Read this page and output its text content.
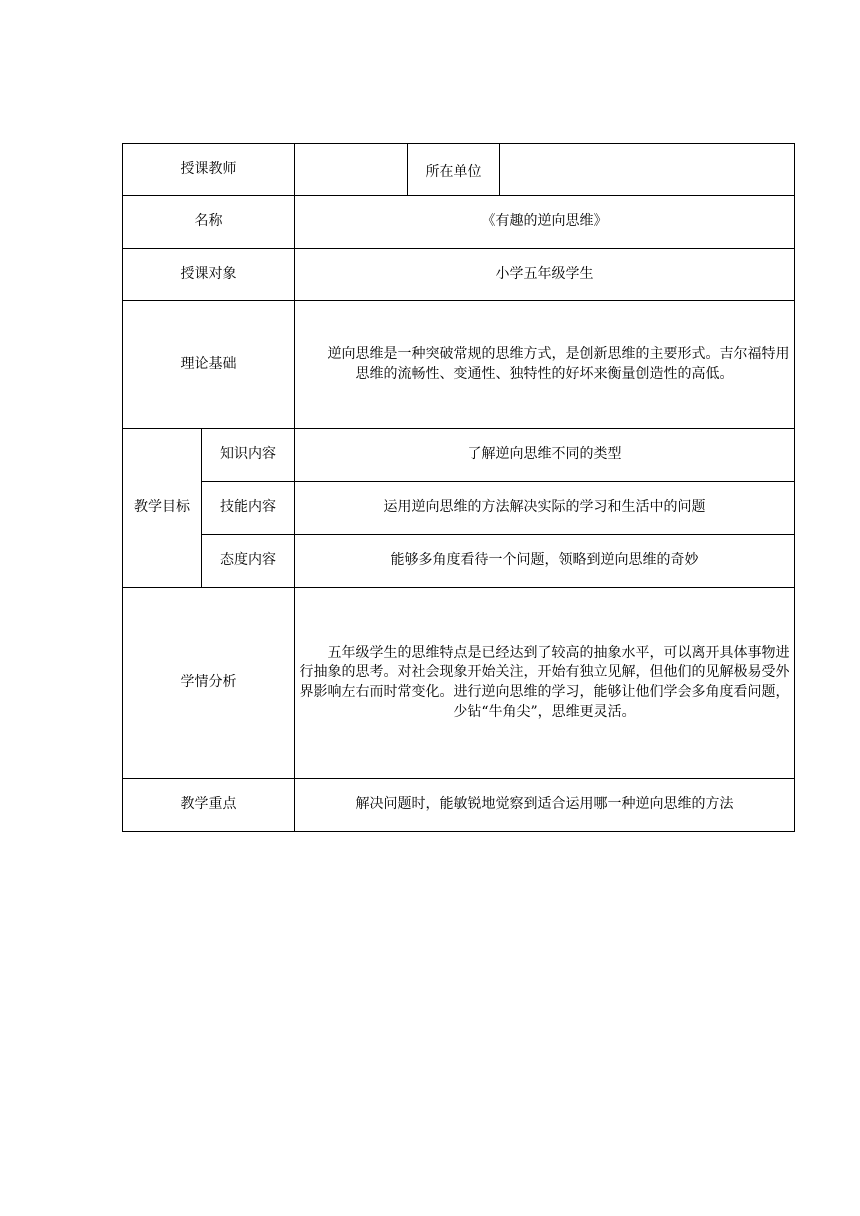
授课教师			所在单位	
名称		《有趣的逆向思维》		
授课对象		小学五年级学生		
理论基础		逆向思维是一种突破常规的思维方式，是创新思维的主要形式。吉尔福特用思维的流畅性、变通性、独特性的好坏来衡量创造性的高低。		
教学目标	知识内容	了解逆向思维不同的类型		
	技能内容	运用逆向思维的方法解决实际的学习和生活中的问题		
	态度内容	能够多角度看待一个问题，领略到逆向思维的奇妙		
学情分析		五年级学生的思维特点是已经达到了较高的抽象水平，可以离开具体事物进行抽象的思考。对社会现象开始关注，开始有独立见解，但他们的见解极易受外界影响左右而时常变化。进行逆向思维的学习，能够让他们学会多角度看问题，少钻“牛角尖”，思维更灵活。		
教学重点		解决问题时，能敏锐地觉察到适合运用哪一种逆向思维的方法		
